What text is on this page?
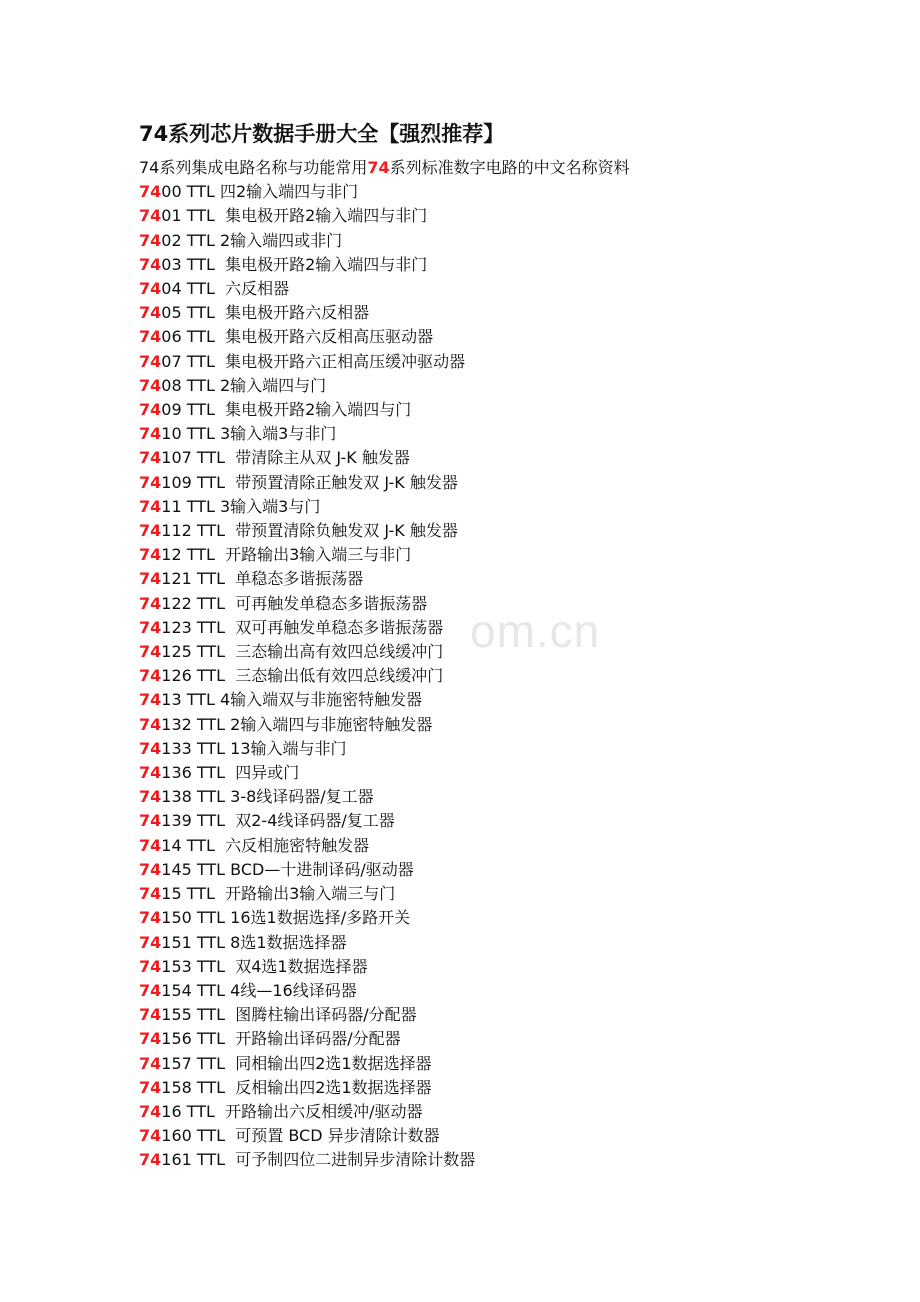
om.cn
74系列芯片数据手册大全【强烈推荐】
74系列集成电路名称与功能常用74系列标准数字电路的中文名称资料
7400 TTL 四2输入端四与非门
7401 TTL  集电极开路2输入端四与非门
7402 TTL 2输入端四或非门
7403 TTL  集电极开路2输入端四与非门
7404 TTL  六反相器
7405 TTL  集电极开路六反相器
7406 TTL  集电极开路六反相高压驱动器
7407 TTL  集电极开路六正相高压缓冲驱动器
7408 TTL 2输入端四与门
7409 TTL  集电极开路2输入端四与门
7410 TTL 3输入端3与非门
74107 TTL  带清除主从双 J-K 触发器
74109 TTL  带预置清除正触发双 J-K 触发器
7411 TTL 3输入端3与门
74112 TTL  带预置清除负触发双 J-K 触发器
7412 TTL  开路输出3输入端三与非门
74121 TTL  单稳态多谐振荡器
74122 TTL  可再触发单稳态多谐振荡器
74123 TTL  双可再触发单稳态多谐振荡器
74125 TTL  三态输出高有效四总线缓冲门
74126 TTL  三态输出低有效四总线缓冲门
7413 TTL 4输入端双与非施密特触发器
74132 TTL 2输入端四与非施密特触发器
74133 TTL 13输入端与非门
74136 TTL  四异或门
74138 TTL 3-8线译码器/复工器
74139 TTL  双2-4线译码器/复工器
7414 TTL  六反相施密特触发器
74145 TTL BCD—十进制译码/驱动器
7415 TTL  开路输出3输入端三与门
74150 TTL 16选1数据选择/多路开关
74151 TTL 8选1数据选择器
74153 TTL  双4选1数据选择器
74154 TTL 4线—16线译码器
74155 TTL  图腾柱输出译码器/分配器
74156 TTL  开路输出译码器/分配器
74157 TTL  同相输出四2选1数据选择器
74158 TTL  反相输出四2选1数据选择器
7416 TTL  开路输出六反相缓冲/驱动器
74160 TTL  可预置 BCD 异步清除计数器
74161 TTL  可予制四位二进制异步清除计数器
